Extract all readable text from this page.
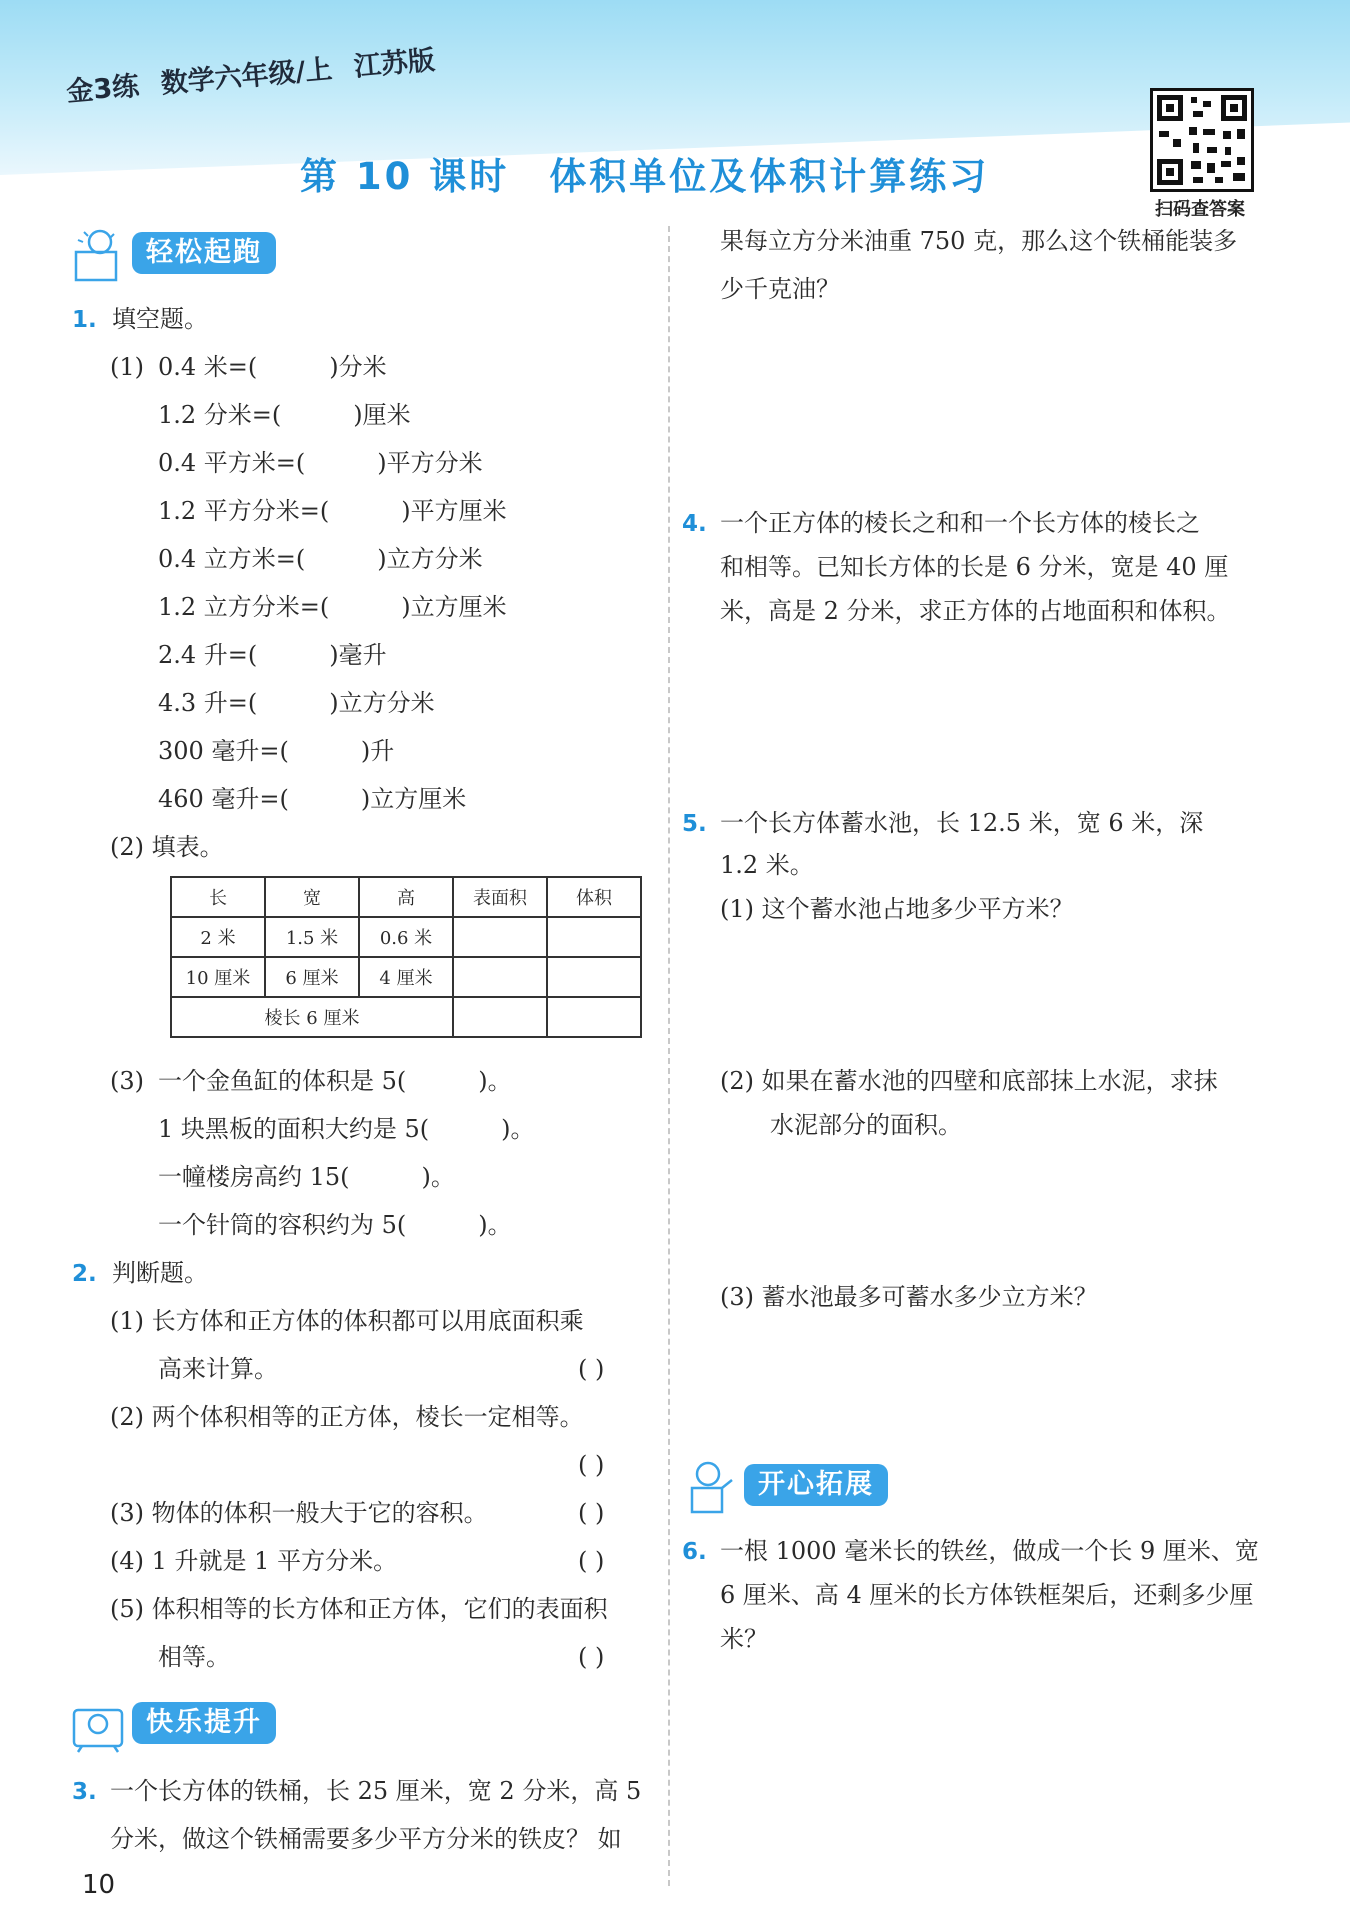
金3练 数学六年级/上 江苏版
第 10 课时 体积单位及体积计算练习
扫码查答案
轻松起跑
1. 填空题。
(1) 0.4 米=(	)分米
1.2 分米=(	)厘米
0.4 平方米=(	)平方分米
1.2 平方分米=(	)平方厘米
0.4 立方米=(	)立方分米
1.2 立方分米=(	)立方厘米
2.4 升=(	)毫升
4.3 升=(	)立方分米
300 毫升=(	)升
460 毫升=(	)立方厘米
(2) 填表。
长	宽	高	表面积	体积
2 米	1.5 米	0.6 米		
10 厘米	6 厘米	4 厘米		
棱长 6 厘米				
(3) 一个金鱼缸的体积是 5(	)。
1 块黑板的面积大约是 5(	)。
一幢楼房高约 15(	)。
一个针筒的容积约为 5(	)。
2. 判断题。
(1) 长方体和正方体的体积都可以用底面积乘
高来计算。	( )
(2) 两个体积相等的正方体，棱长一定相等。
( )
(3) 物体的体积一般大于它的容积。	( )
(4) 1 升就是 1 平方分米。	( )
(5) 体积相等的长方体和正方体，它们的表面积
相等。	( )
快乐提升
3. 一个长方体的铁桶，长 25 厘米，宽 2 分米，高 5
分米，做这个铁桶需要多少平方分米的铁皮？ 如
果每立方分米油重 750 克，那么这个铁桶能装多
少千克油？
4. 一个正方体的棱长之和和一个长方体的棱长之
和相等。已知长方体的长是 6 分米，宽是 40 厘
米，高是 2 分米，求正方体的占地面积和体积。
5. 一个长方体蓄水池，长 12.5 米，宽 6 米，深
1.2 米。
(1) 这个蓄水池占地多少平方米？
(2) 如果在蓄水池的四壁和底部抹上水泥，求抹
水泥部分的面积。
(3) 蓄水池最多可蓄水多少立方米？
开心拓展
6. 一根 1000 毫米长的铁丝，做成一个长 9 厘米、宽
6 厘米、高 4 厘米的长方体铁框架后，还剩多少厘
米？
10
